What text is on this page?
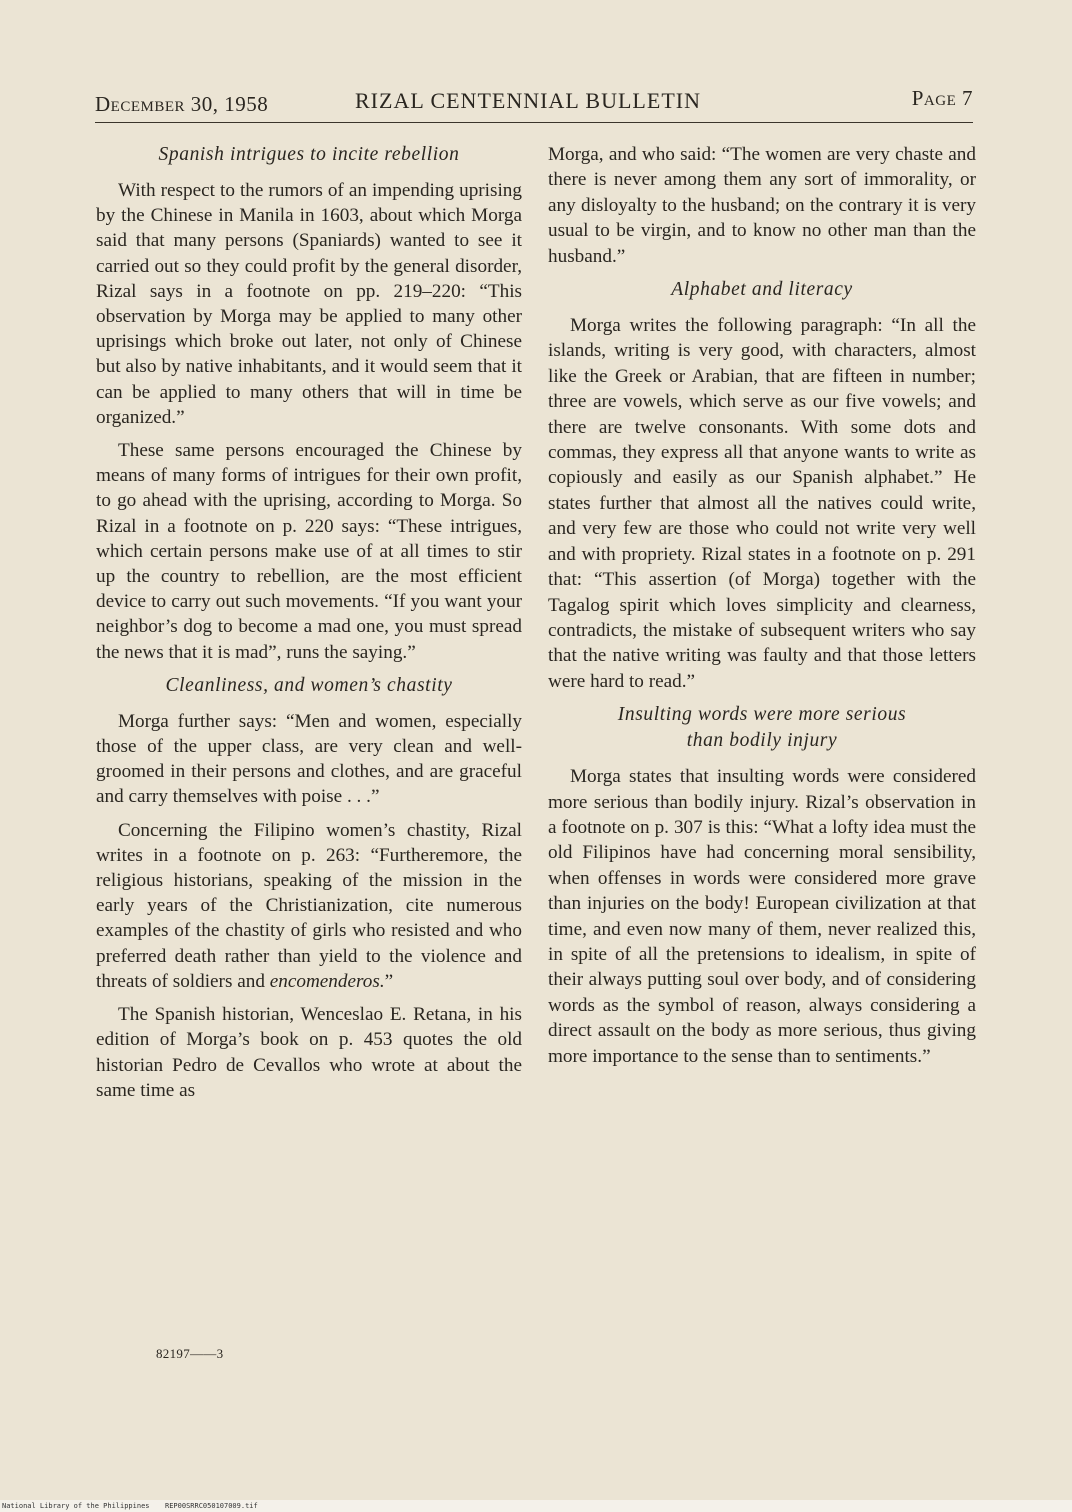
December 30, 1958	RIZAL CENTENNIAL BULLETIN	Page 7
Spanish intrigues to incite rebellion

With respect to the rumors of an impending uprising by the Chinese in Manila in 1603, about which Morga said that many persons (Spaniards) wanted to see it carried out so they could profit by the general disorder, Rizal says in a footnote on pp. 219–220: “This observation by Morga may be applied to many other uprisings which broke out later, not only of Chinese but also by native inhabitants, and it would seem that it can be applied to many others that will in time be organized.”

These same persons encouraged the Chinese by means of many forms of intrigues for their own profit, to go ahead with the uprising, according to Morga. So Rizal in a footnote on p. 220 says: “These intrigues, which certain persons make use of at all times to stir up the country to rebellion, are the most efficient device to carry out such movements. “If you want your neighbor’s dog to become a mad one, you must spread the news that it is mad”, runs the saying.”

Cleanliness, and women’s chastity

Morga further says: “Men and women, especially those of the upper class, are very clean and well-groomed in their persons and clothes, and are graceful and carry themselves with poise . . .”

Concerning the Filipino women’s chastity, Rizal writes in a footnote on p. 263: “Furtheremore, the religious historians, speaking of the mission in the early years of the Christianization, cite numerous examples of the chastity of girls who resisted and who preferred death rather than yield to the violence and threats of soldiers and encomenderos.”

The Spanish historian, Wenceslao E. Retana, in his edition of Morga’s book on p. 453 quotes the old historian Pedro de Cevallos who wrote at about the same time as

Morga, and who said: “The women are very chaste and there is never among them any sort of immorality, or any disloyalty to the husband; on the contrary it is very usual to be virgin, and to know no other man than the husband.”

Alphabet and literacy

Morga writes the following paragraph: “In all the islands, writing is very good, with characters, almost like the Greek or Arabian, that are fifteen in number; three are vowels, which serve as our five vowels; and there are twelve consonants. With some dots and commas, they express all that anyone wants to write as copiously and easily as our Spanish alphabet.” He states further that almost all the natives could write, and very few are those who could not write very well and with propriety. Rizal states in a footnote on p. 291 that: “This assertion (of Morga) together with the Tagalog spirit which loves simplicity and clearness, contradicts, the mistake of subsequent writers who say that the native writing was faulty and that those letters were hard to read.”

Insulting words were more serious
than bodily injury

Morga states that insulting words were considered more serious than bodily injury. Rizal’s observation in a footnote on p. 307 is this: “What a lofty idea must the old Filipinos have had concerning moral sensibility, when offenses in words were considered more grave than injuries on the body! European civilization at that time, and even now many of them, never realized this, in spite of all the pretensions to idealism, in spite of their always putting soul over body, and of considering words as the symbol of reason, always considering a direct assault on the body as more serious, thus giving more importance to the sense than to sentiments.”

82197——3
National Library of the Philippines REP00SRRC050107009.tif
